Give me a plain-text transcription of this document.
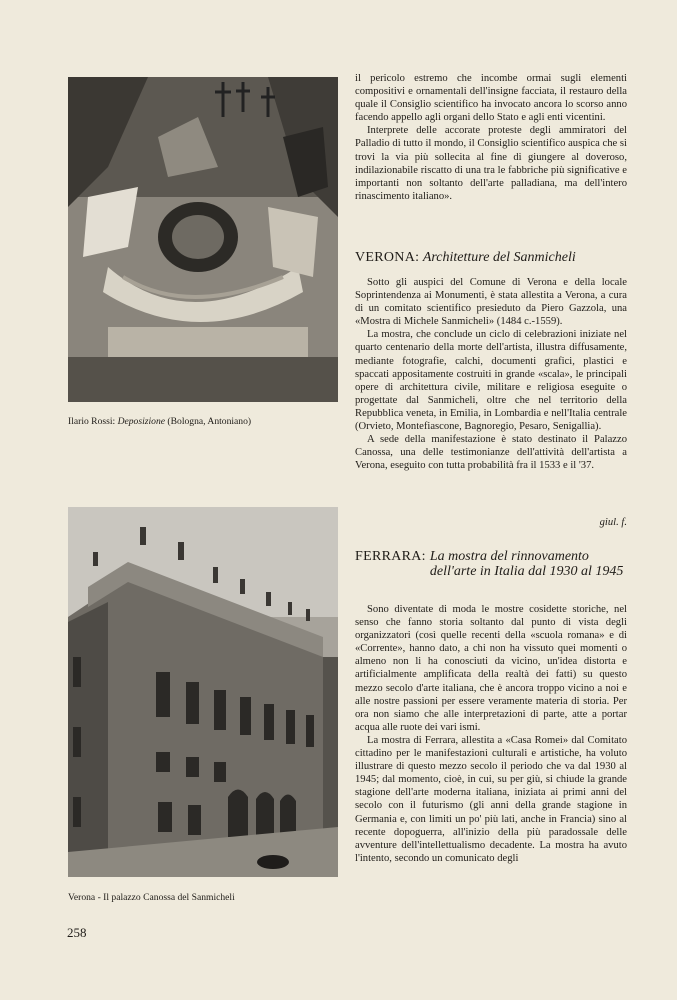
Ilario Rossi: Deposizione (Bologna, Antoniano)
Verona - Il palazzo Canossa del Sanmicheli

il pericolo estremo che incombe ormai sugli elementi compositivi e ornamentali dell'insigne facciata, il restauro della quale il Consiglio scientifico ha invocato ancora lo scorso anno facendo appello agli organi dello Stato e agli enti vicentini.

Interprete delle accorate proteste degli ammiratori del Palladio di tutto il mondo, il Consiglio scientifico auspica che si trovi la via più sollecita al fine di giungere al doveroso, indilazionabile riscatto di una tra le fabbriche più significative e importanti non soltanto dell'arte palladiana, ma dell'intero rinascimento italiano».

VERONA: Architetture del Sanmicheli

Sotto gli auspici del Comune di Verona e della locale Soprintendenza ai Monumenti, è stata allestita a Verona, a cura di un comitato scientifico presieduto da Piero Gazzola, una «Mostra di Michele Sanmicheli» (1484 c.-1559).

La mostra, che conclude un ciclo di celebrazioni iniziate nel quarto centenario della morte dell'artista, illustra diffusamente, mediante fotografie, calchi, documenti grafici, plastici e spaccati appositamente costruiti in grande «scala», le principali opere di architettura civile, militare e religiosa eseguite o progettate dal Sanmicheli, oltre che nel territorio della Repubblica veneta, in Emilia, in Lombardia e nell'Italia centrale (Orvieto, Montefiascone, Bagnoregio, Pesaro, Senigallia).

A sede della manifestazione è stato destinato il Palazzo Canossa, una delle testimonianze dell'attività dell'artista a Verona, eseguito con tutta probabilità fra il 1533 e il '37.

giul. f.
FERRARA: La mostra del rinnovamento dell'arte in Italia dal 1930 al 1945

Sono diventate di moda le mostre cosidette storiche, nel senso che fanno storia soltanto dal punto di vista degli organizzatori (così quelle recenti della «scuola romana» e di «Corrente», hanno dato, a chi non ha vissuto quei momenti o almeno non li ha conosciuti da vicino, un'idea distorta e artificialmente amplificata della realtà dei fatti) su questo mezzo secolo d'arte italiana, che è ancora troppo vicino a noi e alle nostre passioni per essere veramente materia di storia. Per ora non siamo che alle interpretazioni di parte, atte a portar acqua alle ruote dei vari ismi.

La mostra di Ferrara, allestita a «Casa Romei» dal Comitato cittadino per le manifestazioni culturali e artistiche, ha voluto illustrare di questo mezzo secolo il periodo che va dal 1930 al 1945; dal momento, cioè, in cui, su per giù, si chiude la grande stagione dell'arte moderna italiana, iniziata ai primi anni del secolo con il futurismo (gli anni della grande stagione in Germania e, con limiti un po' più lati, anche in Francia) sino al recente dopoguerra, all'inizio della più paradossale delle avventure dell'intellettualismo decadente. La mostra ha avuto l'intento, secondo un comunicato degli

258
